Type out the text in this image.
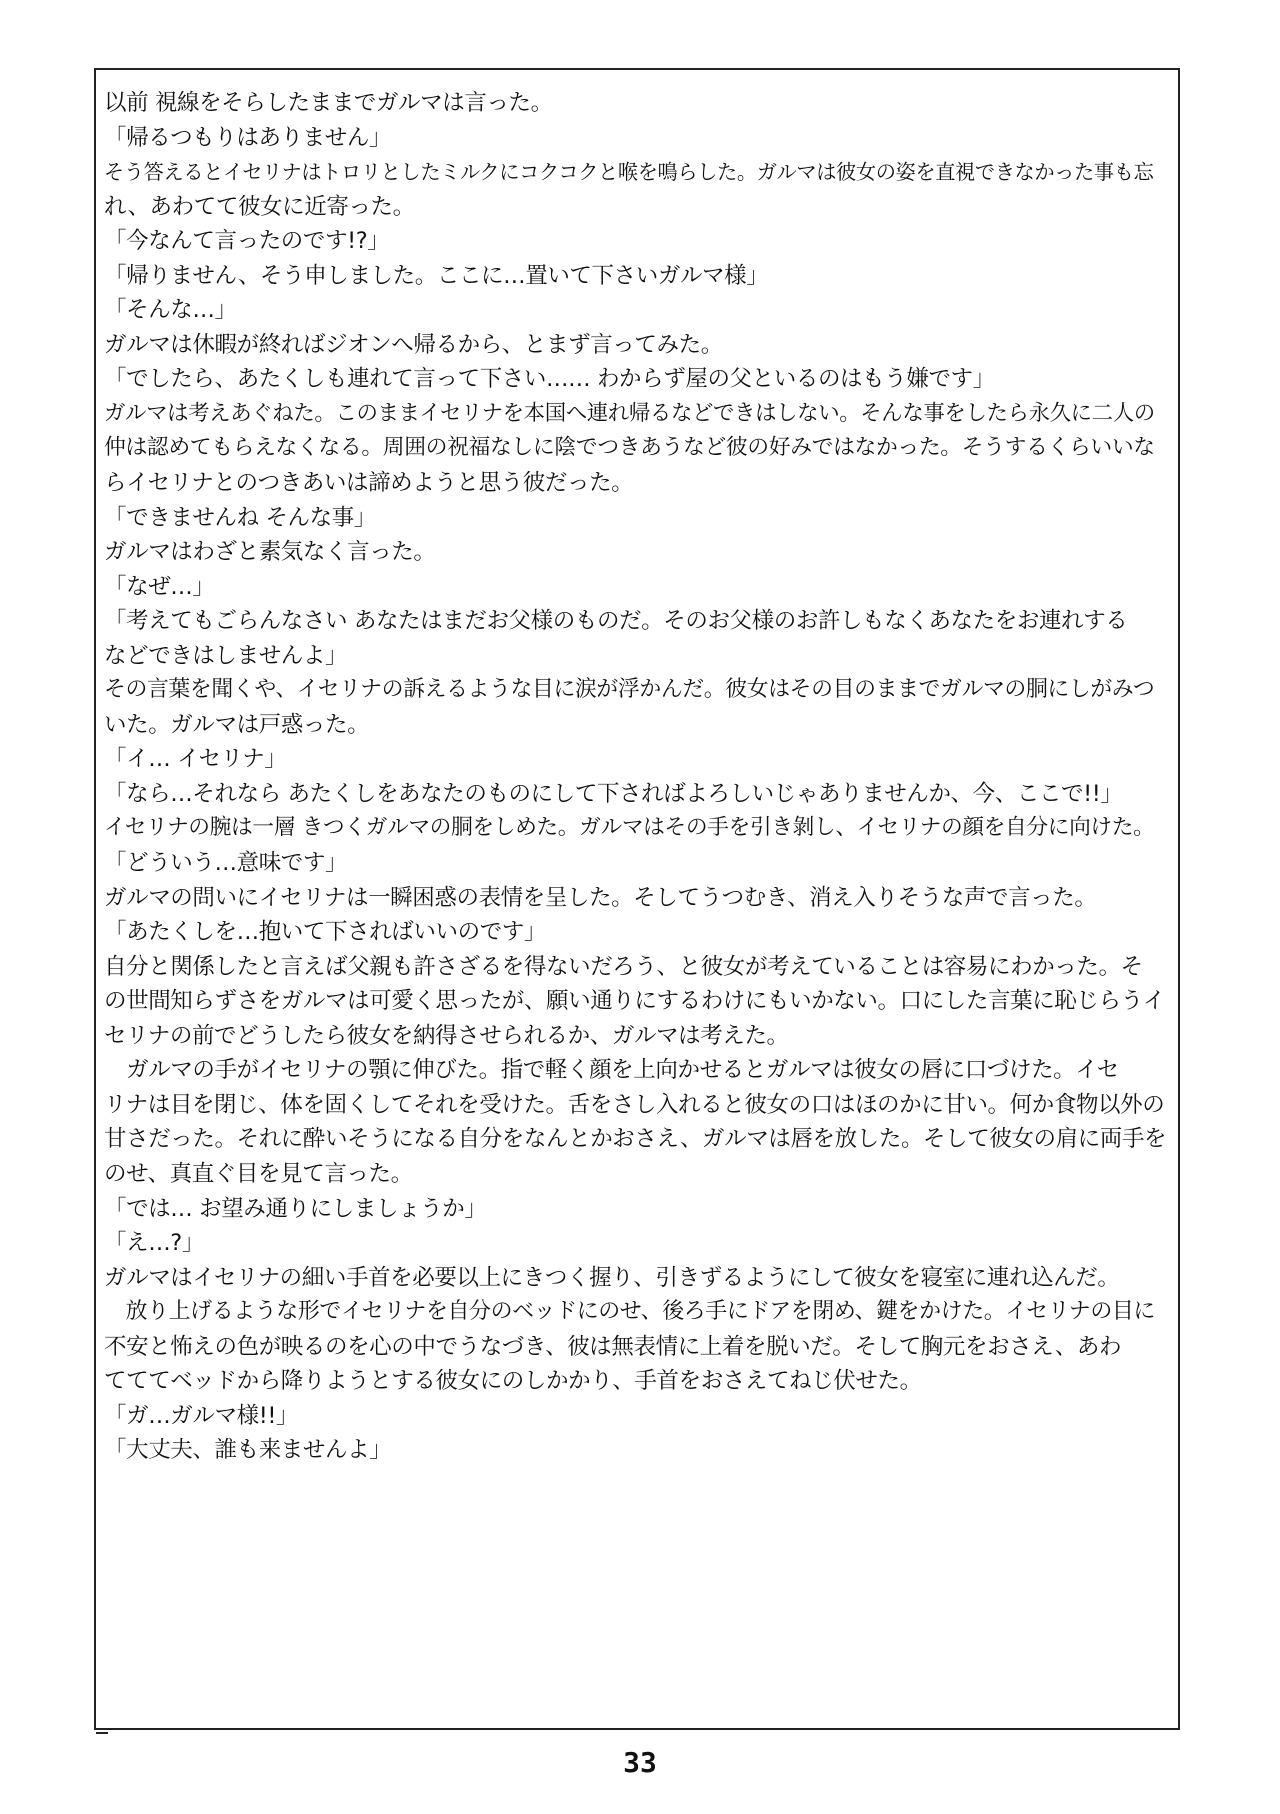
以前 視線をそらしたままでガルマは言った。
「帰るつもりはありません」
そう答えるとイセリナはトロリとしたミルクにコクコクと喉を鳴らした。ガルマは彼女の姿を直視できなかった事も忘
れ、あわてて彼女に近寄った。
「今なんて言ったのです!?」
「帰りません、そう申しました。ここに…置いて下さいガルマ様」
「そんな…」
ガルマは休暇が終ればジオンへ帰るから、とまず言ってみた。
「でしたら、あたくしも連れて言って下さい…… わからず屋の父といるのはもう嫌です」
ガルマは考えあぐねた。このままイセリナを本国へ連れ帰るなどできはしない。そんな事をしたら永久に二人の
仲は認めてもらえなくなる。周囲の祝福なしに陰でつきあうなど彼の好みではなかった。そうするくらいいな
らイセリナとのつきあいは諦めようと思う彼だった。
「できませんね そんな事」
ガルマはわざと素気なく言った。
「なぜ…」
「考えてもごらんなさい あなたはまだお父様のものだ。そのお父様のお許しもなくあなたをお連れする
などできはしませんよ」
その言葉を聞くや、イセリナの訴えるような目に涙が浮かんだ。彼女はその目のままでガルマの胴にしがみつ
いた。ガルマは戸惑った。
「イ… イセリナ」
「なら…それなら あたくしをあなたのものにして下さればよろしいじゃありませんか、今、ここで!!」
イセリナの腕は一層 きつくガルマの胴をしめた。ガルマはその手を引き剝し、イセリナの顔を自分に向けた。
「どういう…意味です」
ガルマの問いにイセリナは一瞬困惑の表情を呈した。そしてうつむき、消え入りそうな声で言った。
「あたくしを…抱いて下さればいいのです」
自分と関係したと言えば父親も許さざるを得ないだろう、と彼女が考えていることは容易にわかった。そ
の世間知らずさをガルマは可愛く思ったが、願い通りにするわけにもいかない。口にした言葉に恥じらうイ
セリナの前でどうしたら彼女を納得させられるか、ガルマは考えた。
　ガルマの手がイセリナの顎に伸びた。指で軽く顔を上向かせるとガルマは彼女の唇に口づけた。イセ
リナは目を閉じ、体を固くしてそれを受けた。舌をさし入れると彼女の口はほのかに甘い。何か食物以外の
甘さだった。それに酔いそうになる自分をなんとかおさえ、ガルマは唇を放した。そして彼女の肩に両手を
のせ、真直ぐ目を見て言った。
「では… お望み通りにしましょうか」
「え…?」
ガルマはイセリナの細い手首を必要以上にきつく握り、引きずるようにして彼女を寝室に連れ込んだ。
　放り上げるような形でイセリナを自分のベッドにのせ、後ろ手にドアを閉め、鍵をかけた。イセリナの目に
不安と怖えの色が映るのを心の中でうなづき、彼は無表情に上着を脱いだ。そして胸元をおさえ、あわ
てててベッドから降りようとする彼女にのしかかり、手首をおさえてねじ伏せた。
「ガ…ガルマ様!!」
「大丈夫、誰も来ませんよ」
33
